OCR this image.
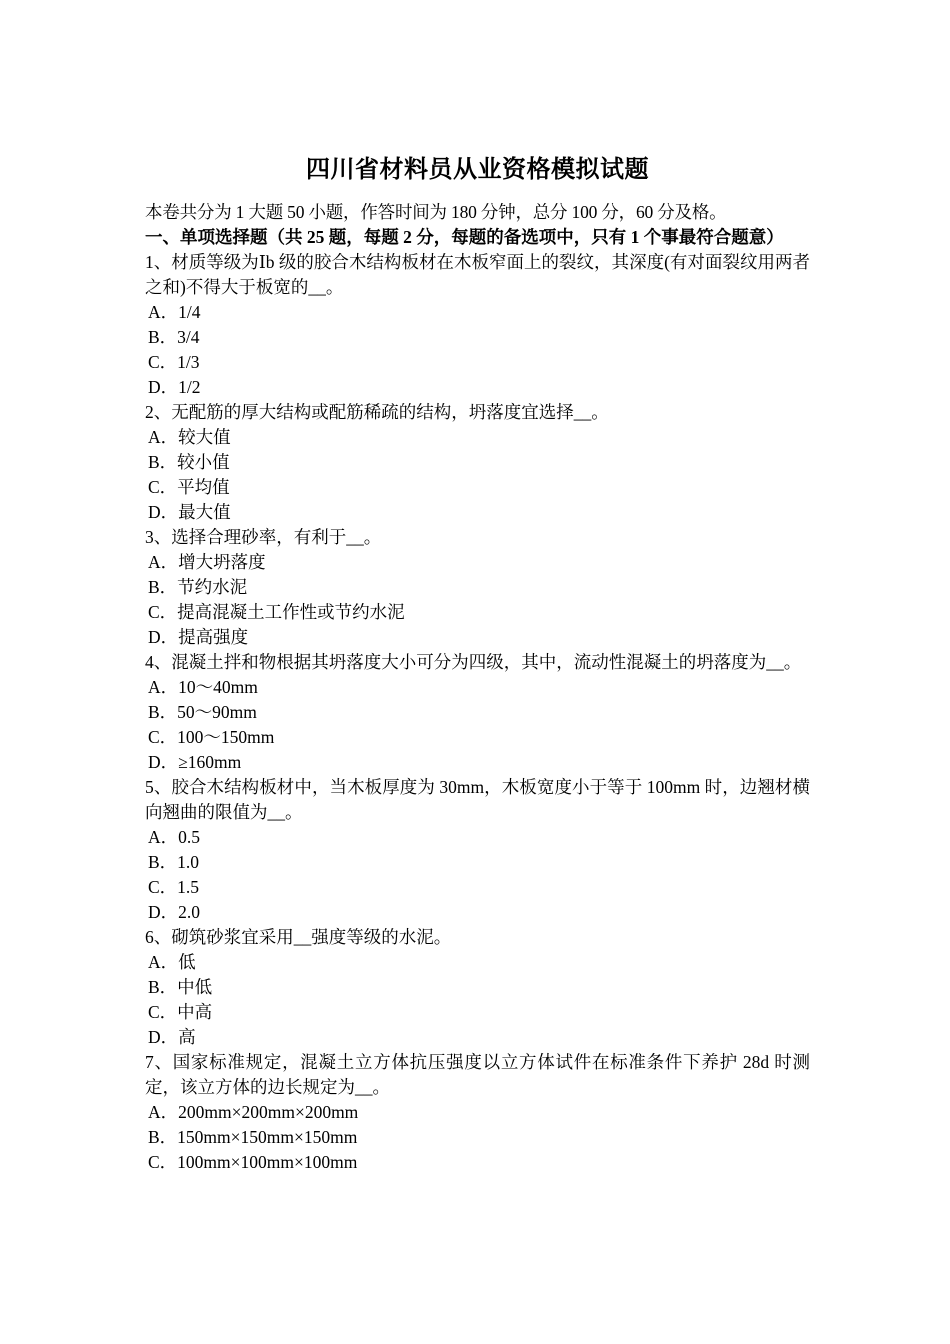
四川省材料员从业资格模拟试题
本卷共分为 1 大题 50 小题，作答时间为 180 分钟，总分 100 分，60 分及格。
一、单项选择题（共 25 题，每题 2 分，每题的备选项中，只有 1 个事最符合题意）
1、材质等级为Ⅰb 级的胶合木结构板材在木板窄面上的裂纹，其深度(有对面裂纹用两者之和)不得大于板宽的__。
A．1/4
B．3/4
C．1/3
D．1/2
2、无配筋的厚大结构或配筋稀疏的结构，坍落度宜选择__。
A．较大值
B．较小值
C．平均值
D．最大值
3、选择合理砂率，有利于__。
A．增大坍落度
B．节约水泥
C．提高混凝土工作性或节约水泥
D．提高强度
4、混凝土拌和物根据其坍落度大小可分为四级，其中，流动性混凝土的坍落度为__。
A．10～40mm
B．50～90mm
C．100～150mm
D．≥160mm
5、胶合木结构板材中，当木板厚度为 30mm，木板宽度小于等于 100mm 时，边翘材横向翘曲的限值为__。
A．0.5
B．1.0
C．1.5
D．2.0
6、砌筑砂浆宜采用__强度等级的水泥。
A．低
B．中低
C．中高
D．高
7、国家标准规定，混凝土立方体抗压强度以立方体试件在标准条件下养护 28d 时测定，该立方体的边长规定为__。
A．200mm×200mm×200mm
B．150mm×150mm×150mm
C．100mm×100mm×100mm
